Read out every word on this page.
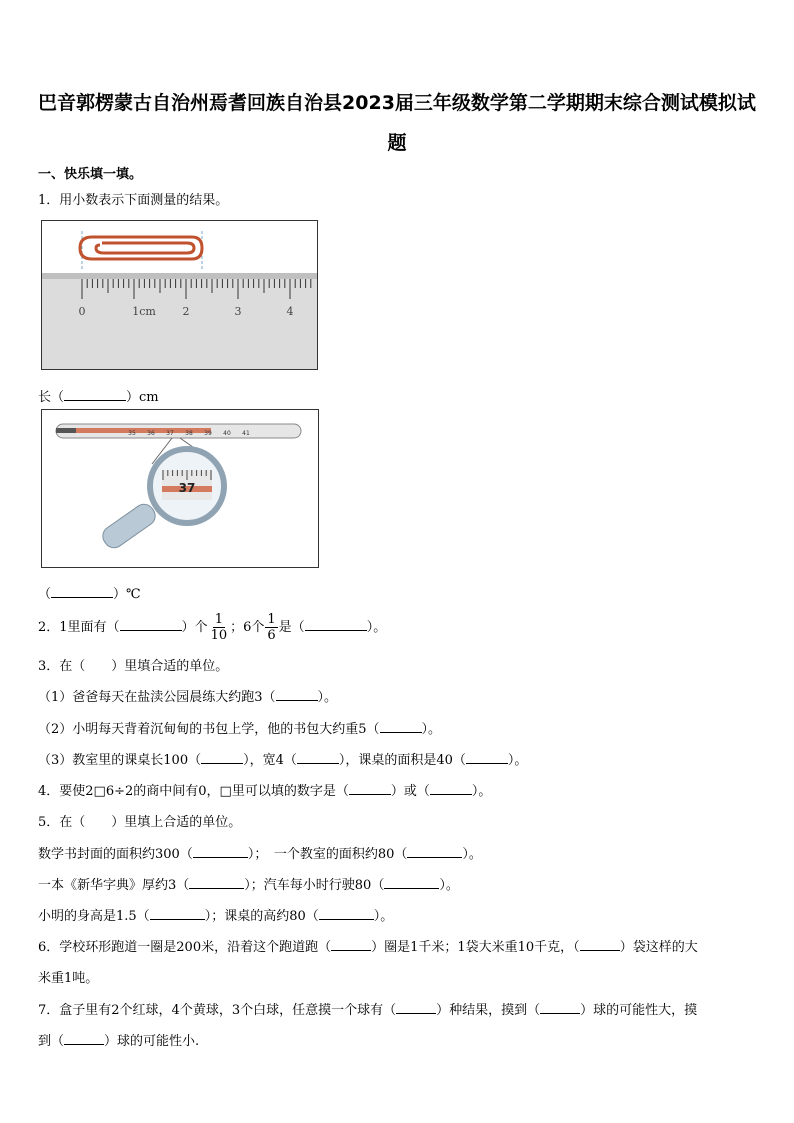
巴音郭楞蒙古自治州焉耆回族自治县2023届三年级数学第二学期期末综合测试模拟试
题
一、快乐填一填。
1．用小数表示下面测量的结果。
0	1cm 2	3	4
长（	）cm
35 36 37 38 39 40 41
37
（	）℃
2．1里面有（	）个 $\frac{1}{10}$ ；6个 $\frac{1}{6}$ 是（	）。
3．在（　　）里填合适的单位。
（1）爸爸每天在盐渎公园晨练大约跑3（	）。
（2）小明每天背着沉甸甸的书包上学，他的书包大约重5（	）。
（3）教室里的课桌长100（	），宽4（	），课桌的面积是40（	）。
4．要使2□6÷2的商中间有0，□里可以填的数字是（	）或（	）。
5．在（　　）里填上合适的单位。
数学书封面的面积约300（	）；　一个教室的面积约80（	）。
一本《新华字典》厚约3（	）；汽车每小时行驶80（	）。
小明的身高是1.5（	）；课桌的高约80（	）。
6．学校环形跑道一圈是200米，沿着这个跑道跑（	）圈是1千米；1袋大米重10千克，（	）袋这样的大
米重1吨。
7．盒子里有2个红球，4个黄球，3个白球，任意摸一个球有（	）种结果，摸到（	）球的可能性大，摸
到（	）球的可能性小.
